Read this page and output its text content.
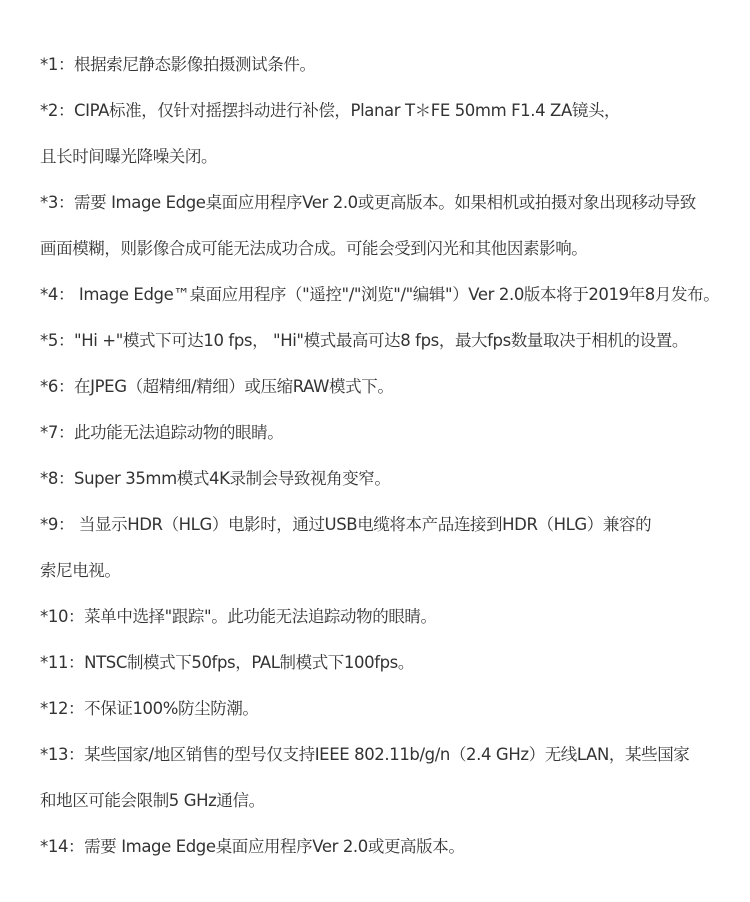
*1：根据索尼静态影像拍摄测试条件。
*2：CIPA标准，仅针对摇摆抖动进行补偿，Planar T＊FE 50mm F1.4 ZA镜头，
且长时间曝光降噪关闭。
*3：需要 Image Edge桌面应用程序Ver 2.0或更高版本。如果相机或拍摄对象出现移动导致
画面模糊，则影像合成可能无法成功合成。可能会受到闪光和其他因素影响。
*4： Image Edge™桌面应用程序（"遥控"/"浏览"/"编辑"）Ver 2.0版本将于2019年8月发布。
*5："Hi +"模式下可达10 fps， "Hi"模式最高可达8 fps，最大fps数量取决于相机的设置。
*6：在JPEG（超精细/精细）或压缩RAW模式下。
*7：此功能无法追踪动物的眼睛。
*8：Super 35mm模式4K录制会导致视角变窄。
*9： 当显示HDR（HLG）电影时，通过USB电缆将本产品连接到HDR（HLG）兼容的
索尼电视。
*10：菜单中选择"跟踪"。此功能无法追踪动物的眼睛。
*11：NTSC制模式下50fps，PAL制模式下100fps。
*12：不保证100%防尘防潮。
*13：某些国家/地区销售的型号仅支持IEEE 802.11b/g/n（2.4 GHz）无线LAN，某些国家
和地区可能会限制5 GHz通信。
*14：需要 Image Edge桌面应用程序Ver 2.0或更高版本。
